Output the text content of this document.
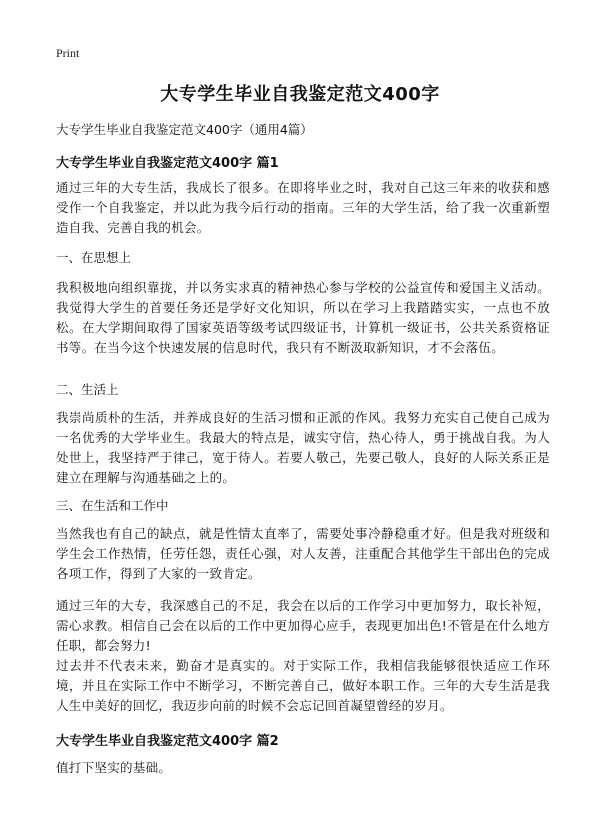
Print
大专学生毕业自我鉴定范文400字
大专学生毕业自我鉴定范文400字（通用4篇）
大专学生毕业自我鉴定范文400字 篇1
通过三年的大专生活，我成长了很多。在即将毕业之时，我对自己这三年来的收获和感受作一个自我鉴定，并以此为我今后行动的指南。三年的大学生活，给了我一次重新塑造自我、完善自我的机会。
一、在思想上
我积极地向组织靠拢，并以务实求真的精神热心参与学校的公益宣传和爱国主义活动。我觉得大学生的首要任务还是学好文化知识，所以在学习上我踏踏实实，一点也不放松。在大学期间取得了国家英语等级考试四级证书，计算机一级证书，公共关系资格证书等。在当今这个快速发展的信息时代，我只有不断汲取新知识，才不会落伍。
二、生活上
我崇尚质朴的生活，并养成良好的生活习惯和正派的作风。我努力充实自己使自己成为一名优秀的大学毕业生。我最大的特点是，诚实守信，热心待人，勇于挑战自我。为人处世上，我坚持严于律己，宽于待人。若要人敬己，先要己敬人，良好的人际关系正是建立在理解与沟通基础之上的。
三、在生活和工作中
当然我也有自己的缺点，就是性情太直率了，需要处事冷静稳重才好。但是我对班级和学生会工作热情，任劳任怨，责任心强，对人友善，注重配合其他学生干部出色的完成各项工作，得到了大家的一致肯定。
通过三年的大专，我深感自己的不足，我会在以后的工作学习中更加努力，取长补短，需心求教。相信自己会在以后的工作中更加得心应手，表现更加出色!不管是在什么地方任职，都会努力!
过去并不代表未来，勤奋才是真实的。对于实际工作，我相信我能够很快适应工作环境，并且在实际工作中不断学习，不断完善自己，做好本职工作。三年的大专生活是我人生中美好的回忆，我迈步向前的时候不会忘记回首凝望曾经的岁月。
大专学生毕业自我鉴定范文400字 篇2
值打下坚实的基础。
